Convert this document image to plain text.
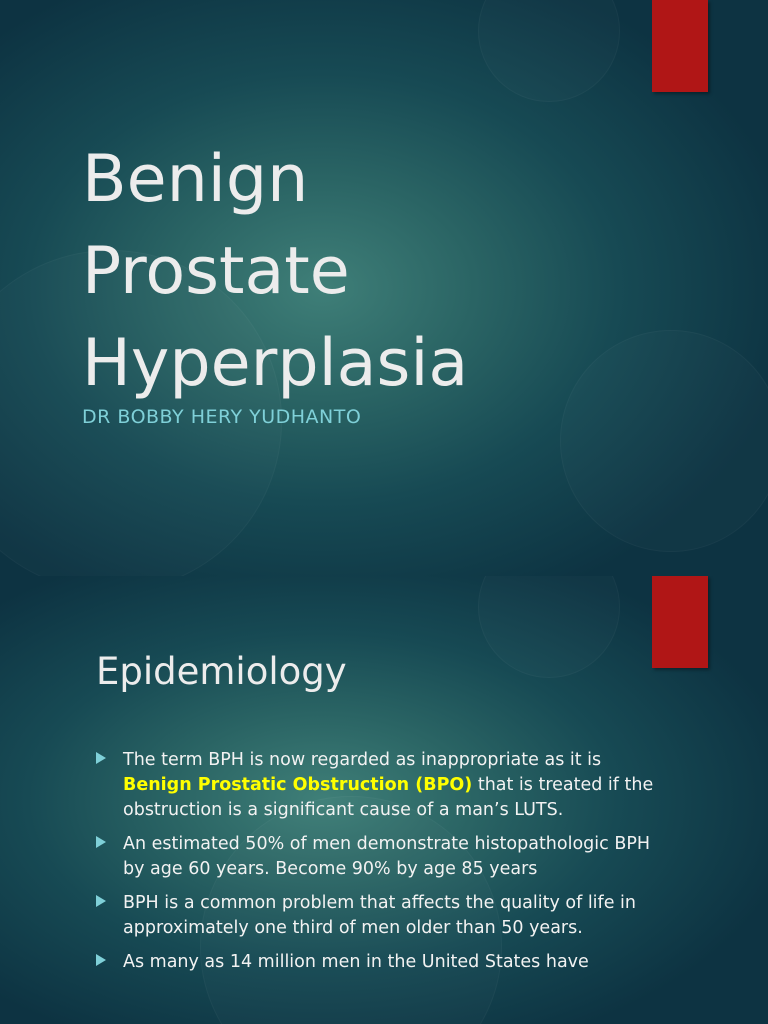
Benign
Prostate
Hyperplasia
DR BOBBY HERY YUDHANTO
Epidemiology
The term BPH is now regarded as inappropriate as it is Benign Prostatic Obstruction (BPO) that is treated if the obstruction is a significant cause of a man’s LUTS.
An estimated 50% of men demonstrate histopathologic BPH by age 60 years. Become 90% by age 85 years
BPH is a common problem that affects the quality of life in approximately one third of men older than 50 years.
As many as 14 million men in the United States have
